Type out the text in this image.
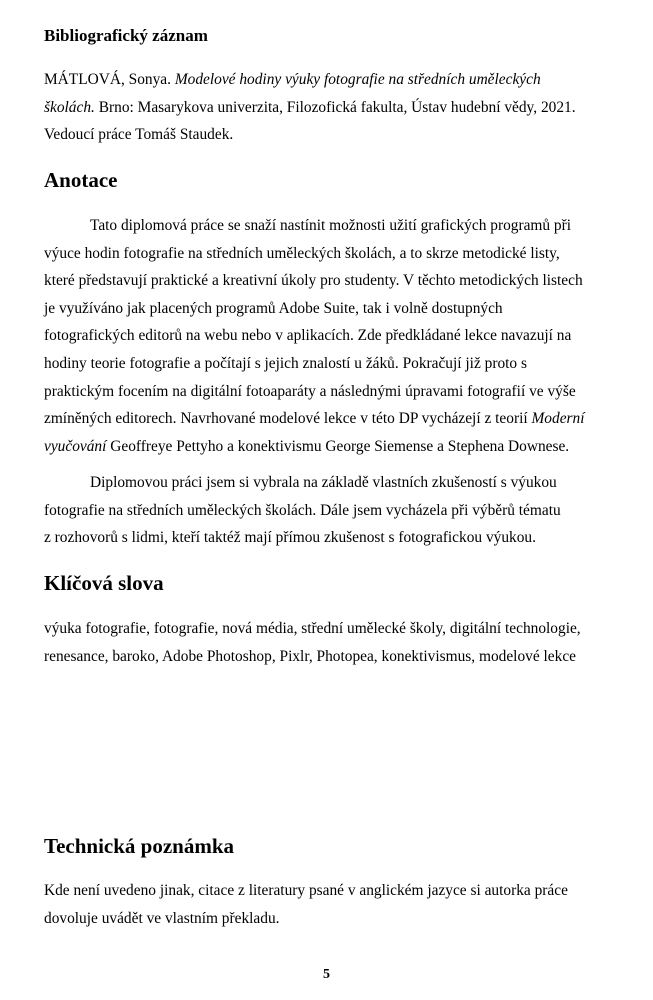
Bibliografický záznam

MÁTLOVÁ, Sonya. Modelové hodiny výuky fotografie na středních uměleckých
školách. Brno: Masarykova univerzita, Filozofická fakulta, Ústav hudební vědy, 2021.
Vedoucí práce Tomáš Staudek.

Anotace

Tato diplomová práce se snaží nastínit možnosti užití grafických programů při
výuce hodin fotografie na středních uměleckých školách, a to skrze metodické listy,
které představují praktické a kreativní úkoly pro studenty. V těchto metodických listech
je využíváno jak placených programů Adobe Suite, tak i volně dostupných
fotografických editorů na webu nebo v aplikacích. Zde předkládané lekce navazují na
hodiny teorie fotografie a počítají s jejich znalostí u žáků. Pokračují již proto s
praktickým focením na digitální fotoaparáty a následnými úpravami fotografií ve výše
zmíněných editorech. Navrhované modelové lekce v této DP vycházejí z teorií Moderní
vyučování Geoffreye Pettyho a konektivismu George Siemense a Stephena Downese.

Diplomovou práci jsem si vybrala na základě vlastních zkušeností s výukou
fotografie na středních uměleckých školách. Dále jsem vycházela při výběrů tématu
z rozhovorů s lidmi, kteří taktéž mají přímou zkušenost s fotografickou výukou.

Klíčová slova

výuka fotografie, fotografie, nová média, střední umělecké školy, digitální technologie,
renesance, baroko, Adobe Photoshop, Pixlr, Photopea, konektivismus, modelové lekce

Technická poznámka

Kde není uvedeno jinak, citace z literatury psané v anglickém jazyce si autorka práce
dovoluje uvádět ve vlastním překladu.

5
